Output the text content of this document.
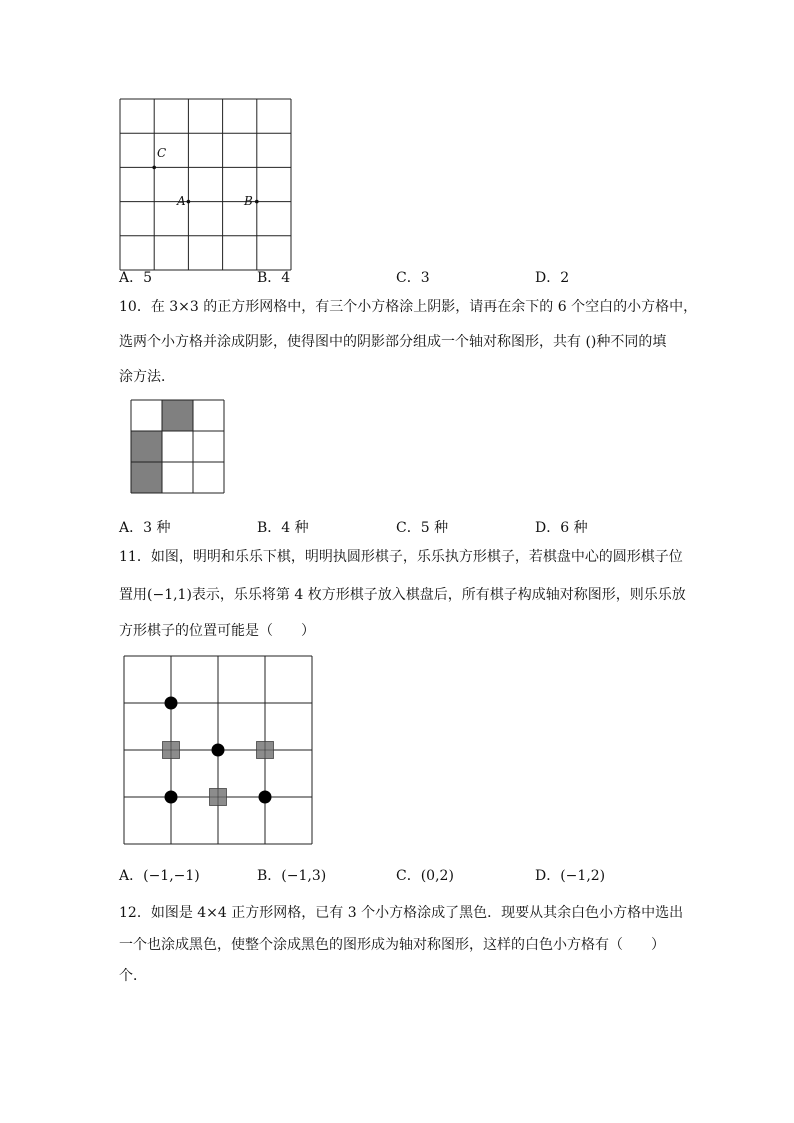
C
A	B
A．5	B．4	C．3	D．2
10．在 3×3 的正方形网格中，有三个小方格涂上阴影，请再在余下的 6 个空白的小方格中，
选两个小方格并涂成阴影，使得图中的阴影部分组成一个轴对称图形，共有 ()种不同的填
涂方法．
A．3 种	B．4 种	C．5 种	D．6 种
11．如图，明明和乐乐下棋，明明执圆形棋子，乐乐执方形棋子，若棋盘中心的圆形棋子位
置用(−1,1)表示，乐乐将第 4 枚方形棋子放入棋盘后，所有棋子构成轴对称图形，则乐乐放
方形棋子的位置可能是（　　）
A．(−1,−1)	B．(−1,3)	C．(0,2)	D．(−1,2)
12．如图是 4×4 正方形网格，已有 3 个小方格涂成了黑色．现要从其余白色小方格中选出
一个也涂成黑色，使整个涂成黑色的图形成为轴对称图形，这样的白色小方格有（　　）
个．
